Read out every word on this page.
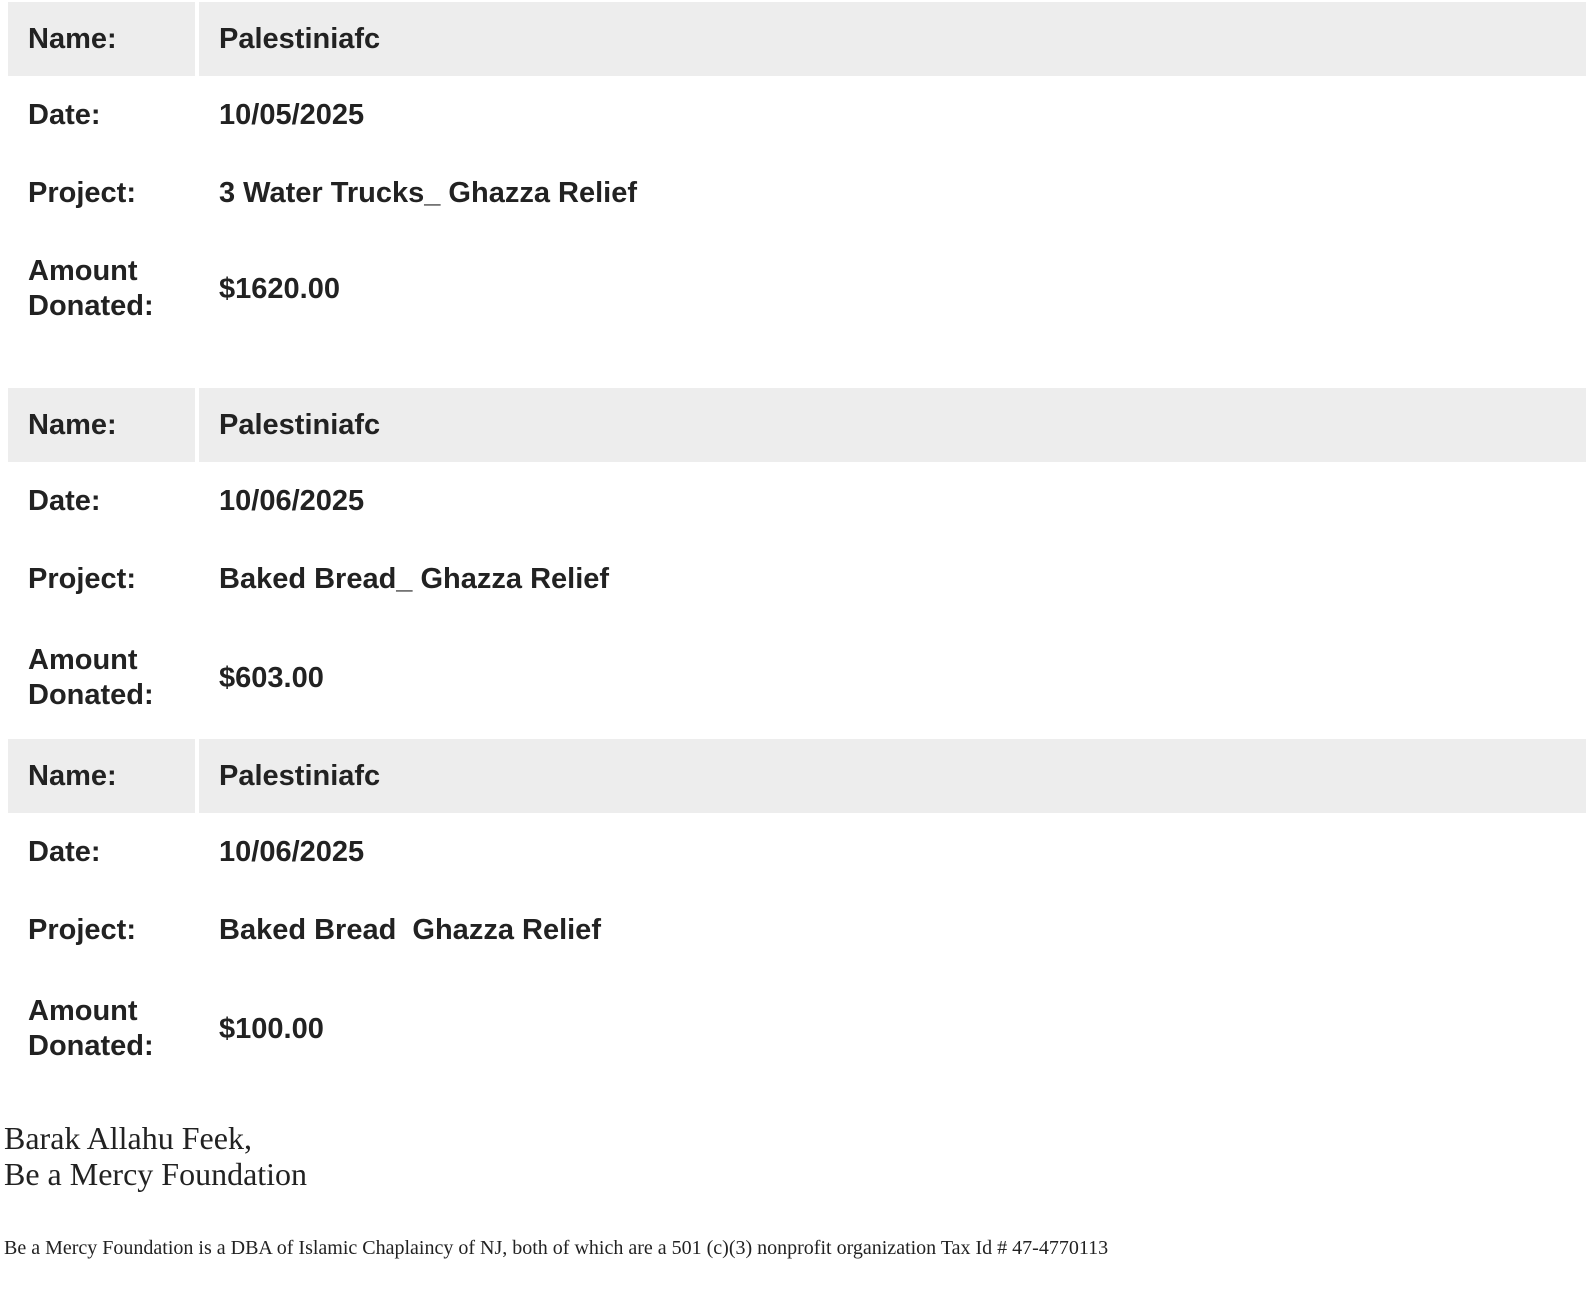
Name:	Palestiniafc
Date:	10/05/2025
Project:	3 Water Trucks_ Ghazza Relief
Amount Donated:	$1620.00
Name:	Palestiniafc
Date:	10/06/2025
Project:	Baked Bread_ Ghazza Relief
Amount Donated:	$603.00
Name:	Palestiniafc
Date:	10/06/2025
Project:	Baked Bread  Ghazza Relief
Amount Donated:	$100.00
Barak Allahu Feek,
Be a Mercy Foundation
Be a Mercy Foundation is a DBA of Islamic Chaplaincy of NJ, both of which are a 501 (c)(3) nonprofit organization Tax Id # 47-4770113
